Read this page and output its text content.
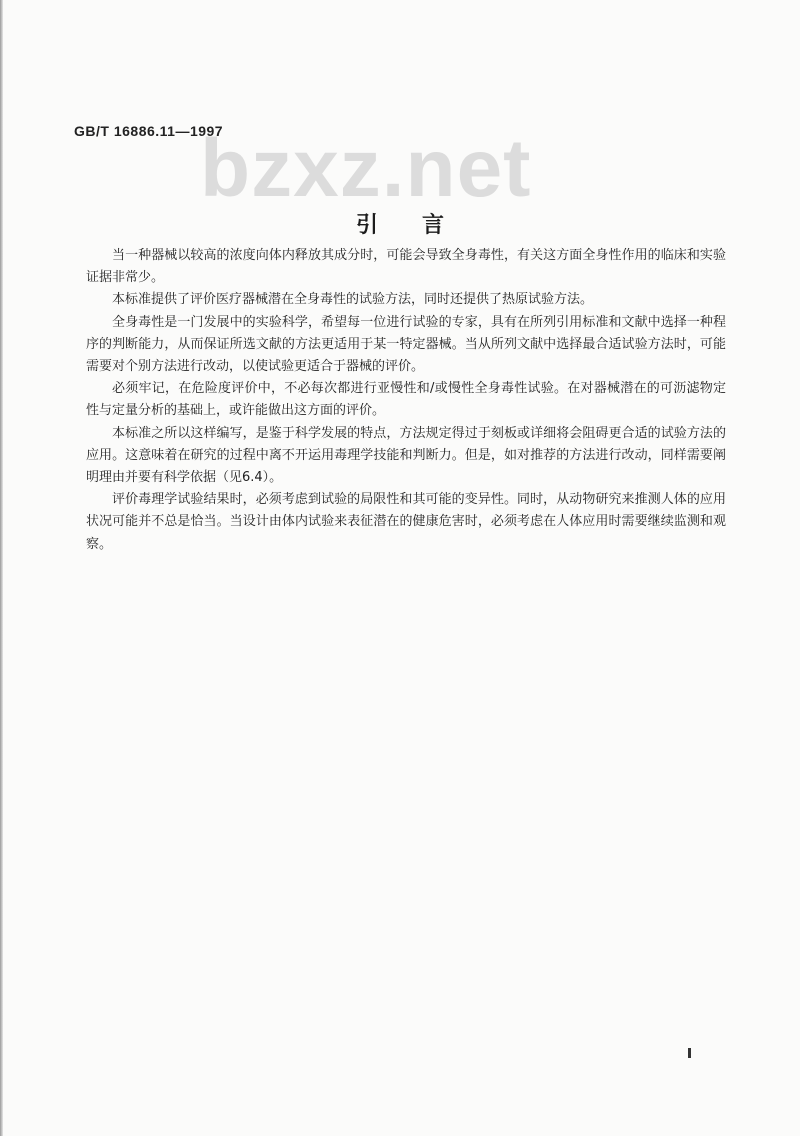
GB/T 16886.11—1997
bzxz.net
引言

当一种器械以较高的浓度向体内释放其成分时，可能会导致全身毒性，有关这方面全身性作用的临床和实验证据非常少。

本标准提供了评价医疗器械潜在全身毒性的试验方法，同时还提供了热原试验方法。

全身毒性是一门发展中的实验科学，希望每一位进行试验的专家，具有在所列引用标准和文献中选择一种程序的判断能力，从而保证所选文献的方法更适用于某一特定器械。当从所列文献中选择最合适试验方法时，可能需要对个别方法进行改动，以使试验更适合于器械的评价。

必须牢记，在危险度评价中，不必每次都进行亚慢性和/或慢性全身毒性试验。在对器械潜在的可沥滤物定性与定量分析的基础上，或许能做出这方面的评价。

本标准之所以这样编写，是鉴于科学发展的特点，方法规定得过于刻板或详细将会阻碍更合适的试验方法的应用。这意味着在研究的过程中离不开运用毒理学技能和判断力。但是，如对推荐的方法进行改动，同样需要阐明理由并要有科学依据（见6.4）。

评价毒理学试验结果时，必须考虑到试验的局限性和其可能的变异性。同时，从动物研究来推测人体的应用状况可能并不总是恰当。当设计由体内试验来表征潜在的健康危害时，必须考虑在人体应用时需要继续监测和观察。
